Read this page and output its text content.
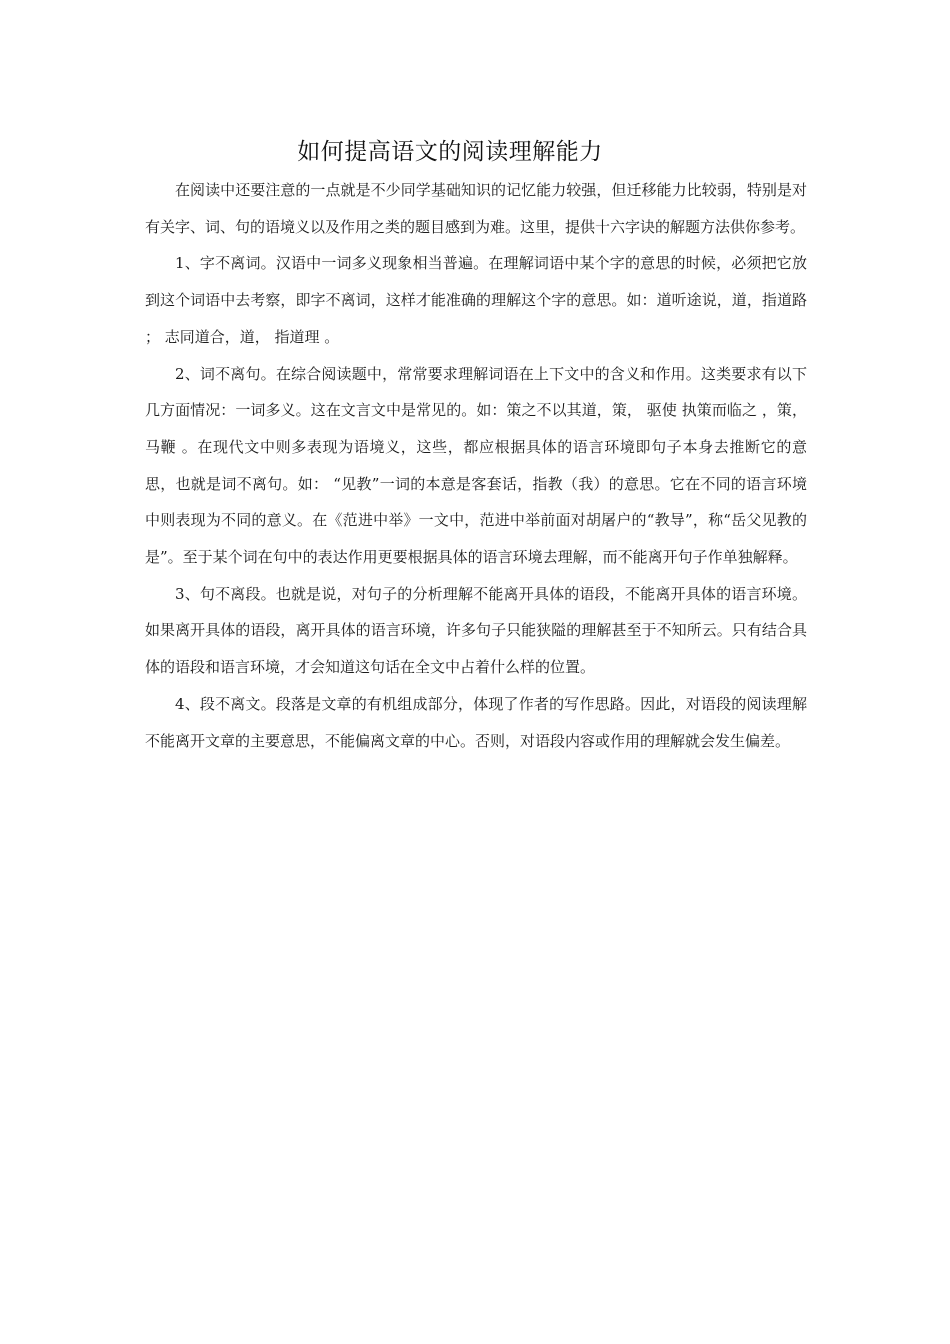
如何提高语文的阅读理解能力

在阅读中还要注意的一点就是不少同学基础知识的记忆能力较强，但迁移能力比较弱，特别是对有关字、词、句的语境义以及作用之类的题目感到为难。这里，提供十六字诀的解题方法供你参考。

1、字不离词。汉语中一词多义现象相当普遍。在理解词语中某个字的意思的时候，必须把它放到这个词语中去考察，即字不离词，这样才能准确的理解这个字的意思。如：道听途说，道，指道路 ； 志同道合，道， 指道理 。

2、词不离句。在综合阅读题中，常常要求理解词语在上下文中的含义和作用。这类要求有以下几方面情况：一词多义。这在文言文中是常见的。如：策之不以其道，策， 驱使 执策而临之 ，策，马鞭 。在现代文中则多表现为语境义，这些，都应根据具体的语言环境即句子本身去推断它的意思，也就是词不离句。如： “见教”一词的本意是客套话，指教（我）的意思。它在不同的语言环境中则表现为不同的意义。在《范进中举》一文中，范进中举前面对胡屠户的“教导”，称“岳父见教的是”。至于某个词在句中的表达作用更要根据具体的语言环境去理解，而不能离开句子作单独解释。

3、句不离段。也就是说，对句子的分析理解不能离开具体的语段，不能离开具体的语言环境。如果离开具体的语段，离开具体的语言环境，许多句子只能狭隘的理解甚至于不知所云。只有结合具体的语段和语言环境，才会知道这句话在全文中占着什么样的位置。

4、段不离文。段落是文章的有机组成部分，体现了作者的写作思路。因此，对语段的阅读理解不能离开文章的主要意思，不能偏离文章的中心。否则，对语段内容或作用的理解就会发生偏差。
